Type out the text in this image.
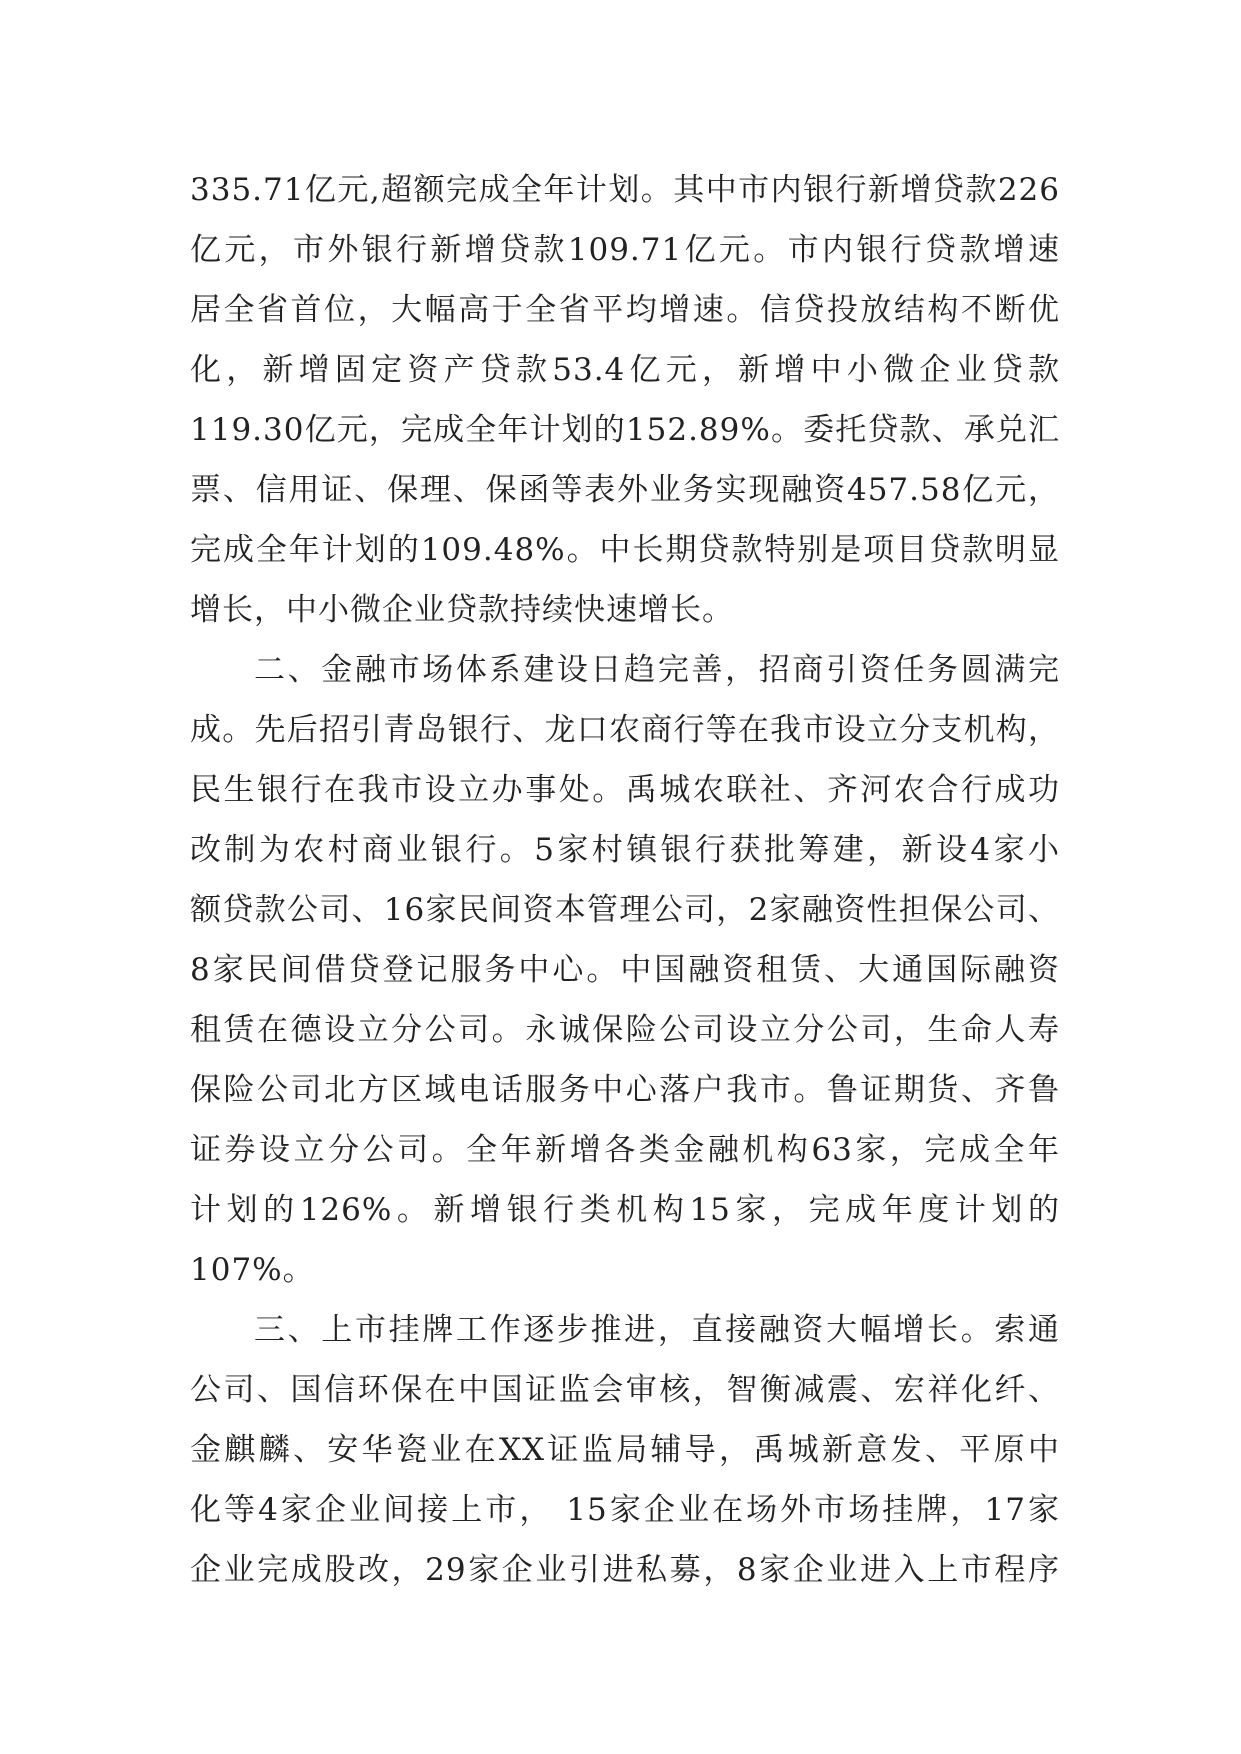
335.71亿元,超额完成全年计划。其中市内银行新增贷款226
亿元，市外银行新增贷款109.71亿元。市内银行贷款增速
居全省首位，大幅高于全省平均增速。信贷投放结构不断优
化，新增固定资产贷款53.4亿元，新增中小微企业贷款
119.30亿元，完成全年计划的152.89%。委托贷款、承兑汇
票、信用证、保理、保函等表外业务实现融资457.58亿元，
完成全年计划的109.48%。中长期贷款特别是项目贷款明显
增长，中小微企业贷款持续快速增长。
二、金融市场体系建设日趋完善，招商引资任务圆满完
成。先后招引青岛银行、龙口农商行等在我市设立分支机构，
民生银行在我市设立办事处。禹城农联社、齐河农合行成功
改制为农村商业银行。5家村镇银行获批筹建，新设4家小
额贷款公司、16家民间资本管理公司，2家融资性担保公司、
8家民间借贷登记服务中心。中国融资租赁、大通国际融资
租赁在德设立分公司。永诚保险公司设立分公司，生命人寿
保险公司北方区域电话服务中心落户我市。鲁证期货、齐鲁
证券设立分公司。全年新增各类金融机构63家，完成全年
计划的126%。新增银行类机构15家，完成年度计划的
107%。
三、上市挂牌工作逐步推进，直接融资大幅增长。索通
公司、国信环保在中国证监会审核，智衡减震、宏祥化纤、
金麒麟、安华瓷业在XX证监局辅导，禹城新意发、平原中
化等4家企业间接上市， 15家企业在场外市场挂牌，17家
企业完成股改，29家企业引进私募，8家企业进入上市程序
